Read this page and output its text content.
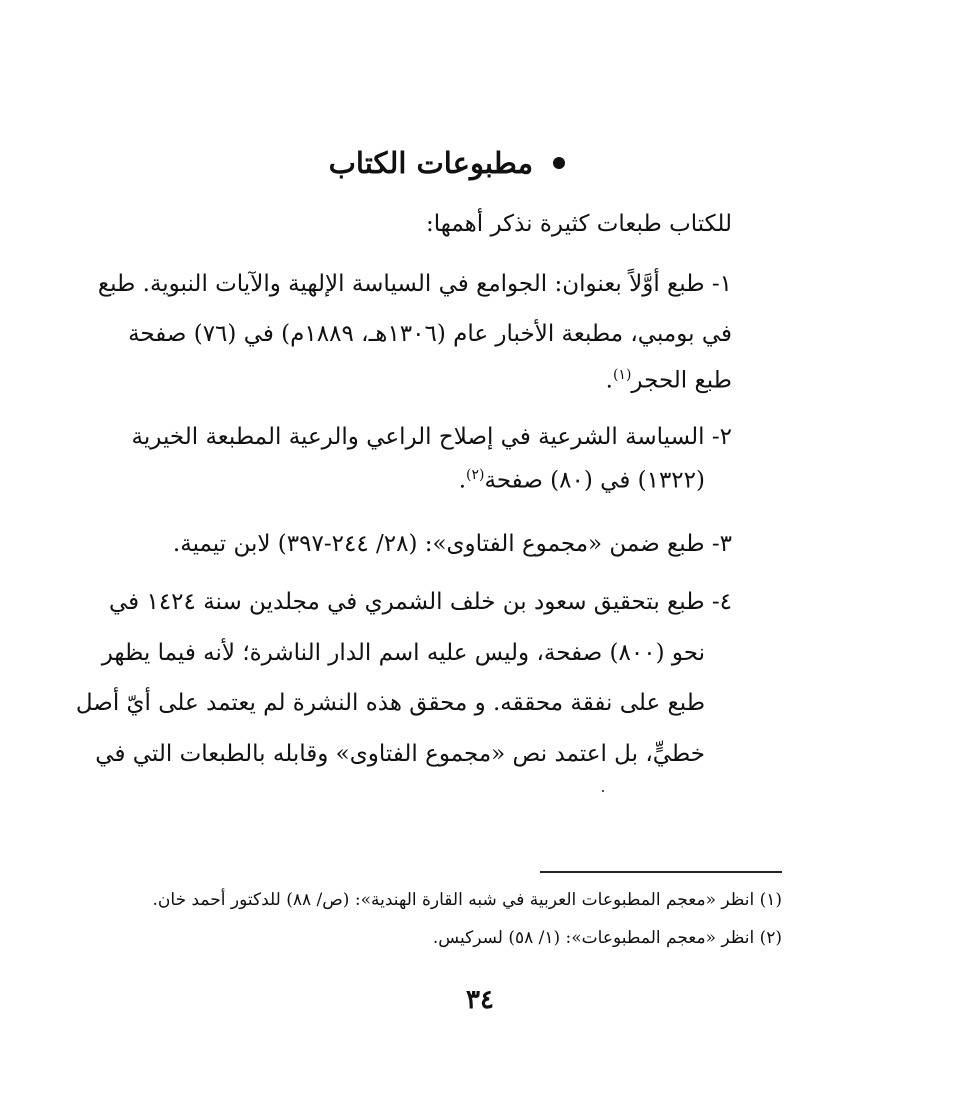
مطبوعات الكتاب
للكتاب طبعات كثيرة نذكر أهمها:
١- طبع أوَّلاً بعنوان: الجوامع في السياسة الإلهية والآيات النبوية. طبع
في بومبي، مطبعة الأخبار عام (١٣٠٦هـ، ١٨٨٩م) في (٧٦) صفحة
طبع الحجر$^{(١)}$.
٢- السياسة الشرعية في إصلاح الراعي والرعية المطبعة الخيرية
(١٣٢٢) في (٨٠) صفحة$^{(٢)}$.
٣- طبع ضمن «مجموع الفتاوى»: (٢٨/ ٢٤٤-٣٩٧) لابن تيمية.
٤- طبع بتحقيق سعود بن خلف الشمري في مجلدين سنة ١٤٢٤ في
نحو (٨٠٠) صفحة، وليس عليه اسم الدار الناشرة؛ لأنه فيما يظهر
طبع على نفقة محققه. و محقق هذه النشرة لم يعتمد على أيّ أصل
خطيٍّ، بل اعتمد نص «مجموع الفتاوى» وقابله بالطبعات التي في
(١) انظر «معجم المطبوعات العربية في شبه القارة الهندية»: (ص/ ٨٨) للدكتور أحمد خان.
(٢) انظر «معجم المطبوعات»: (١/ ٥٨) لسركيس.
٣٤
